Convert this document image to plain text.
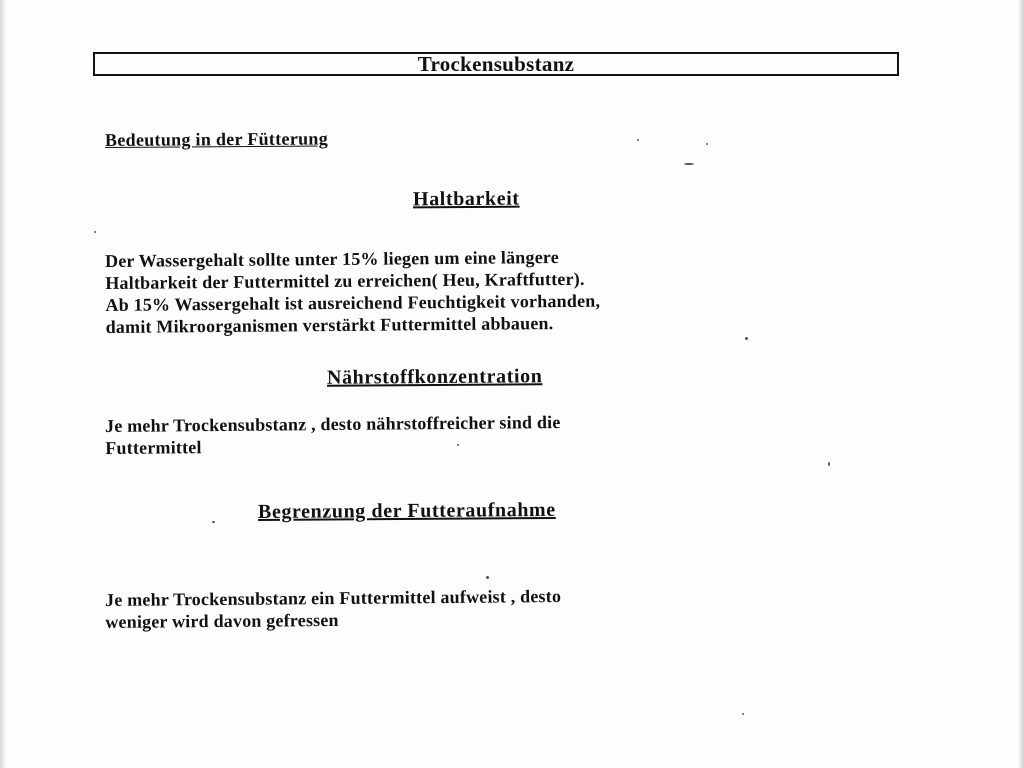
Trockensubstanz
Bedeutung in der Fütterung
Haltbarkeit
Der Wassergehalt sollte unter 15% liegen um eine längere
Haltbarkeit der Futtermittel zu erreichen( Heu, Kraftfutter).
Ab 15% Wassergehalt ist ausreichend Feuchtigkeit vorhanden,
damit Mikroorganismen verstärkt Futtermittel abbauen.
Nährstoffkonzentration
Je mehr Trockensubstanz , desto nährstoffreicher sind die
Futtermittel
Begrenzung der Futteraufnahme
Je mehr Trockensubstanz ein Futtermittel aufweist , desto
weniger wird davon gefressen
